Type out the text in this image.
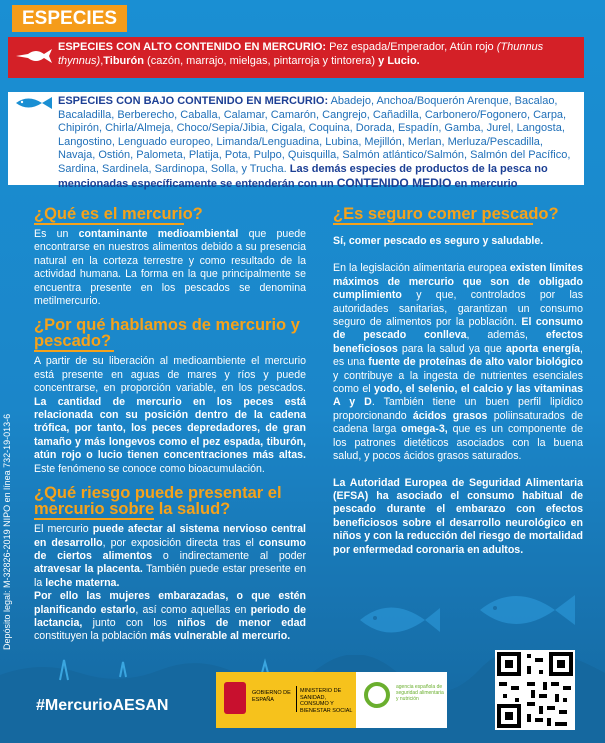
ESPECIES
ESPECIES CON ALTO CONTENIDO EN MERCURIO: Pez espada/Emperador, Atún rojo (Thunnus thynnus),Tiburón (cazón, marrajo, mielgas, pintarroja y tintorera) y Lucio.
ESPECIES CON BAJO CONTENIDO EN MERCURIO: Abadejo, Anchoa/Boquerón Arenque, Bacalao, Bacaladilla, Berberecho, Caballa, Calamar, Camarón, Cangrejo, Cañadilla, Carbonero/Fogonero, Carpa, Chipirón, Chirla/Almeja, Choco/Sepia/Jibia, Cigala, Coquina, Dorada, Espadín, Gamba, Jurel, Langosta, Langostino, Lenguado europeo, Limanda/Lenguadina, Lubina, Mejillón, Merlan, Merluza/Pescadilla, Navaja, Ostión, Palometa, Platija, Pota, Pulpo, Quisquilla, Salmón atlántico/Salmón, Salmón del Pacífico, Sardina, Sardinela, Sardinopa, Solla, y Trucha. Las demás especies de productos de la pesca no mencionadas específicamente se entenderán con un CONTENIDO MEDIO en mercurio
Depósito legal: M-32826-2019 NIPO en línea 732-19-013-6
¿Qué es el mercurio?

Es un contaminante medioambiental que puede encontrarse en nuestros alimentos debido a su presencia natural en la corteza terrestre y como resultado de la actividad humana. La forma en la que principalmente se encuentra presente en los pescados se denomina metilmercurio.

¿Por qué hablamos de mercurio y pescado?

A partir de su liberación al medioambiente el mercurio está presente en aguas de mares y ríos y puede concentrarse, en proporción variable, en los pescados. La cantidad de mercurio en los peces está relacionada con su posición dentro de la cadena trófica, por tanto, los peces depredadores, de gran tamaño y más longevos como el pez espada, tiburón, atún rojo o lucio tienen concentraciones más altas. Este fenómeno se conoce como bioacumulación.

¿Qué riesgo puede presentar el mercurio sobre la salud?

El mercurio puede afectar al sistema nervioso central en desarrollo, por exposición directa tras el consumo de ciertos alimentos o indirectamente al poder atravesar la placenta. También puede estar presente en la leche materna.

Por ello las mujeres embarazadas, o que estén planificando estarlo, así como aquellas en periodo de lactancia, junto con los niños de menor edad constituyen la población más vulnerable al mercurio.

¿Es seguro comer pescado?

Sí, comer pescado es seguro y saludable.

En la legislación alimentaria europea existen límites máximos de mercurio que son de obligado cumplimiento y que, controlados por las autoridades sanitarias, garantizan un consumo seguro de alimentos por la población. El consumo de pescado conlleva, además, efectos beneficiosos para la salud ya que aporta energía, es una fuente de proteínas de alto valor biológico y contribuye a la ingesta de nutrientes esenciales como el yodo, el selenio, el calcio y las vitaminas A y D. También tiene un buen perfil lipídico proporcionando ácidos grasos poliinsaturados de cadena larga omega-3, que es un componente de los patrones dietéticos asociados con la buena salud, y pocos ácidos grasos saturados.

La Autoridad Europea de Seguridad Alimentaria (EFSA) ha asociado el consumo habitual de pescado durante el embarazo con efectos beneficiosos sobre el desarrollo neurológico en niños y con la reducción del riesgo de mortalidad por enfermedad coronaria en adultos.

#MercurioAESAN
GOBIERNO DE ESPAÑA
MINISTERIO DE SANIDAD, CONSUMO Y BIENESTAR SOCIAL
agencia española de seguridad alimentaria y nutrición
